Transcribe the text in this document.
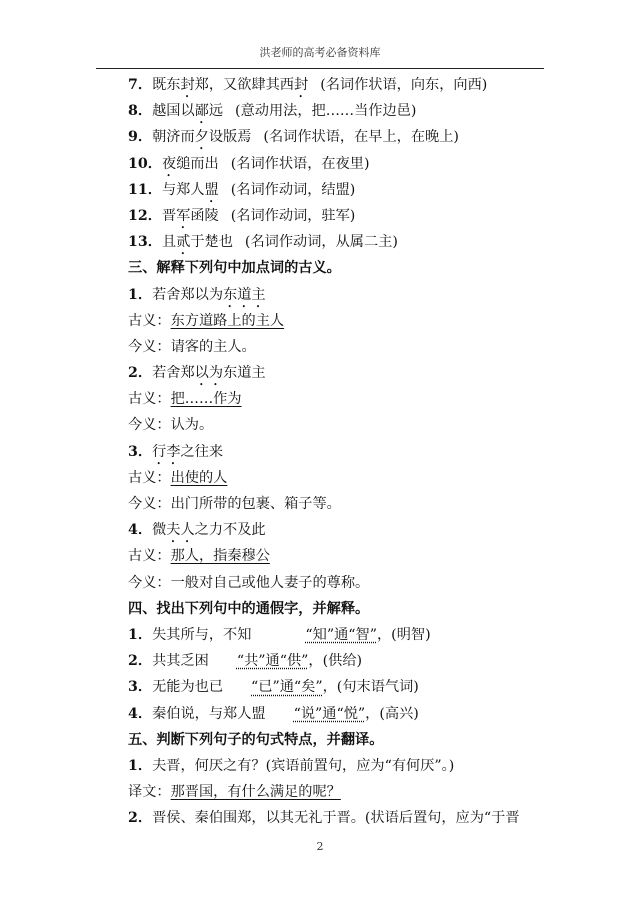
洪老师的高考必备资料库
7．既东封郑，又欲肆其西封 (名词作状语，向东，向西)
8．越国以鄙远 (意动用法，把……当作边邑)
9．朝济而夕设版焉 (名词作状语，在早上，在晚上)
10．夜缒而出 (名词作状语，在夜里)
11．与郑人盟 (名词作动词，结盟)
12．晋军函陵 (名词作动词，驻军)
13．且贰于楚也 (名词作动词，从属二主)
三、解释下列句中加点词的古义。
1．若舍郑以为东道主
古义：东方道路上的主人
今义：请客的主人。
2．若舍郑以为东道主
古义：把……作为
今义：认为。
3．行李之往来
古义：出使的人
今义：出门所带的包裹、箱子等。
4．微夫人之力不及此
古义：那人，指秦穆公
今义：一般对自己或他人妻子的尊称。
四、找出下列句中的通假字，并解释。
1．失其所与，不知	“知”通“智”，(明智)
2．共其乏困 “共”通“供”，(供给)
3．无能为也已 “已”通“矣”，(句末语气词)
4．秦伯说，与郑人盟 “说”通“悦”，(高兴)
五、判断下列句子的句式特点，并翻译。
1．夫晋，何厌之有？(宾语前置句，应为“有何厌”。)
译文：那晋国，有什么满足的呢？
2．晋侯、秦伯围郑，以其无礼于晋。(状语后置句，应为“于晋
2
